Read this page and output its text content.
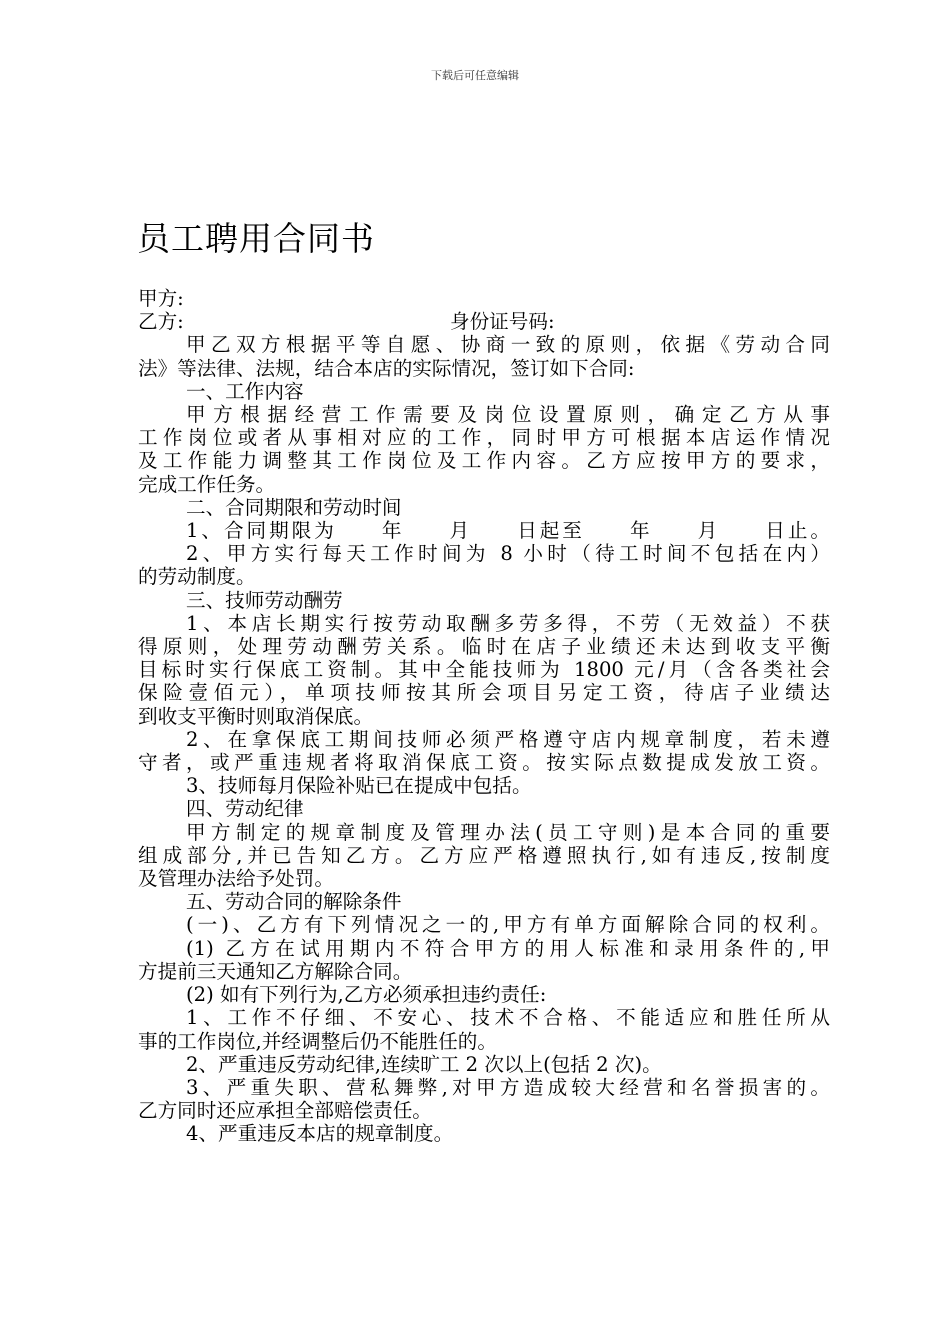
下载后可任意编辑
员工聘用合同书
甲方:
乙方:	身份证号码:
甲乙双方根据平等自愿、协商一致的原则，依据《劳动合同
法》等法律、法规，结合本店的实际情况，签订如下合同:
一、工作内容
甲方根据经营工作需要及岗位设置原则，确定乙方从事
工作岗位或者从事相对应的工作，同时甲方可根据本店运作情况
及工作能力调整其工作岗位及工作内容。乙方应按甲方的要求，
完成工作任务。
二、合同期限和劳动时间
1、合同期限为　　年　　月　　日起至　　年　　月　　日止。
2、甲方实行每天工作时间为 8 小时（待工时间不包括在内）
的劳动制度。
三、技师劳动酬劳
1、本店长期实行按劳动取酬多劳多得，不劳（无效益）不获
得原则，处理劳动酬劳关系。临时在店子业绩还未达到收支平衡
目标时实行保底工资制。其中全能技师为 1800 元/月（含各类社会
保险壹佰元），单项技师按其所会项目另定工资，待店子业绩达
到收支平衡时则取消保底。
2、在拿保底工期间技师必须严格遵守店内规章制度，若未遵
守者，或严重违规者将取消保底工资。按实际点数提成发放工资。
3、技师每月保险补贴已在提成中包括。
四、劳动纪律
甲方制定的规章制度及管理办法(员工守则)是本合同的重要
组成部分,并已告知乙方。乙方应严格遵照执行,如有违反,按制度
及管理办法给予处罚。
五、劳动合同的解除条件
(一)、乙方有下列情况之一的,甲方有单方面解除合同的权利。
(1) 乙方在试用期内不符合甲方的用人标准和录用条件的,甲
方提前三天通知乙方解除合同。
(2) 如有下列行为,乙方必须承担违约责任:
1、工作不仔细、不安心、技术不合格、不能适应和胜任所从
事的工作岗位,并经调整后仍不能胜任的。
2、严重违反劳动纪律,连续旷工 2 次以上(包括 2 次)。
3、严重失职、营私舞弊,对甲方造成较大经营和名誉损害的。
乙方同时还应承担全部赔偿责任。
4、严重违反本店的规章制度。
